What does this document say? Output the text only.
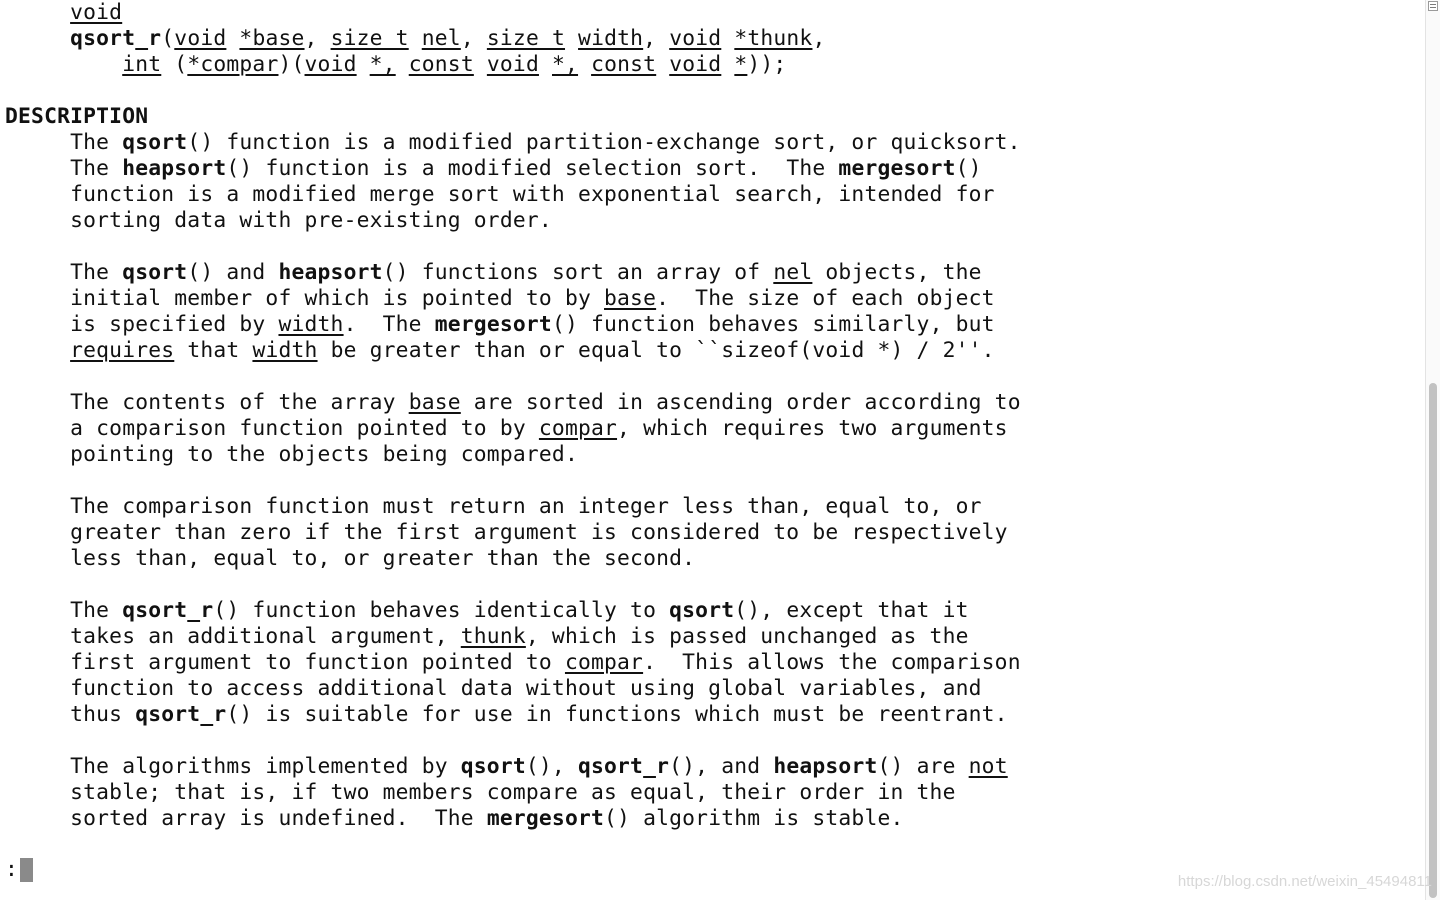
void
qsort_r(void *base, size_t nel, size_t width, void *thunk,
int (*compar)(void *, const void *, const void *));

DESCRIPTION
The qsort() function is a modified partition-exchange sort, or quicksort.
The heapsort() function is a modified selection sort.  The mergesort()
function is a modified merge sort with exponential search, intended for
sorting data with pre-existing order.

The qsort() and heapsort() functions sort an array of nel objects, the
initial member of which is pointed to by base.  The size of each object
is specified by width.  The mergesort() function behaves similarly, but
requires that width be greater than or equal to ``sizeof(void *) / 2''.

The contents of the array base are sorted in ascending order according to
a comparison function pointed to by compar, which requires two arguments
pointing to the objects being compared.

The comparison function must return an integer less than, equal to, or
greater than zero if the first argument is considered to be respectively
less than, equal to, or greater than the second.

The qsort_r() function behaves identically to qsort(), except that it
takes an additional argument, thunk, which is passed unchanged as the
first argument to function pointed to compar.  This allows the comparison
function to access additional data without using global variables, and
thus qsort_r() is suitable for use in functions which must be reentrant.

The algorithms implemented by qsort(), qsort_r(), and heapsort() are not
stable; that is, if two members compare as equal, their order in the
sorted array is undefined.  The mergesort() algorithm is stable.
:	https://blog.csdn.net/weixin_45494811
